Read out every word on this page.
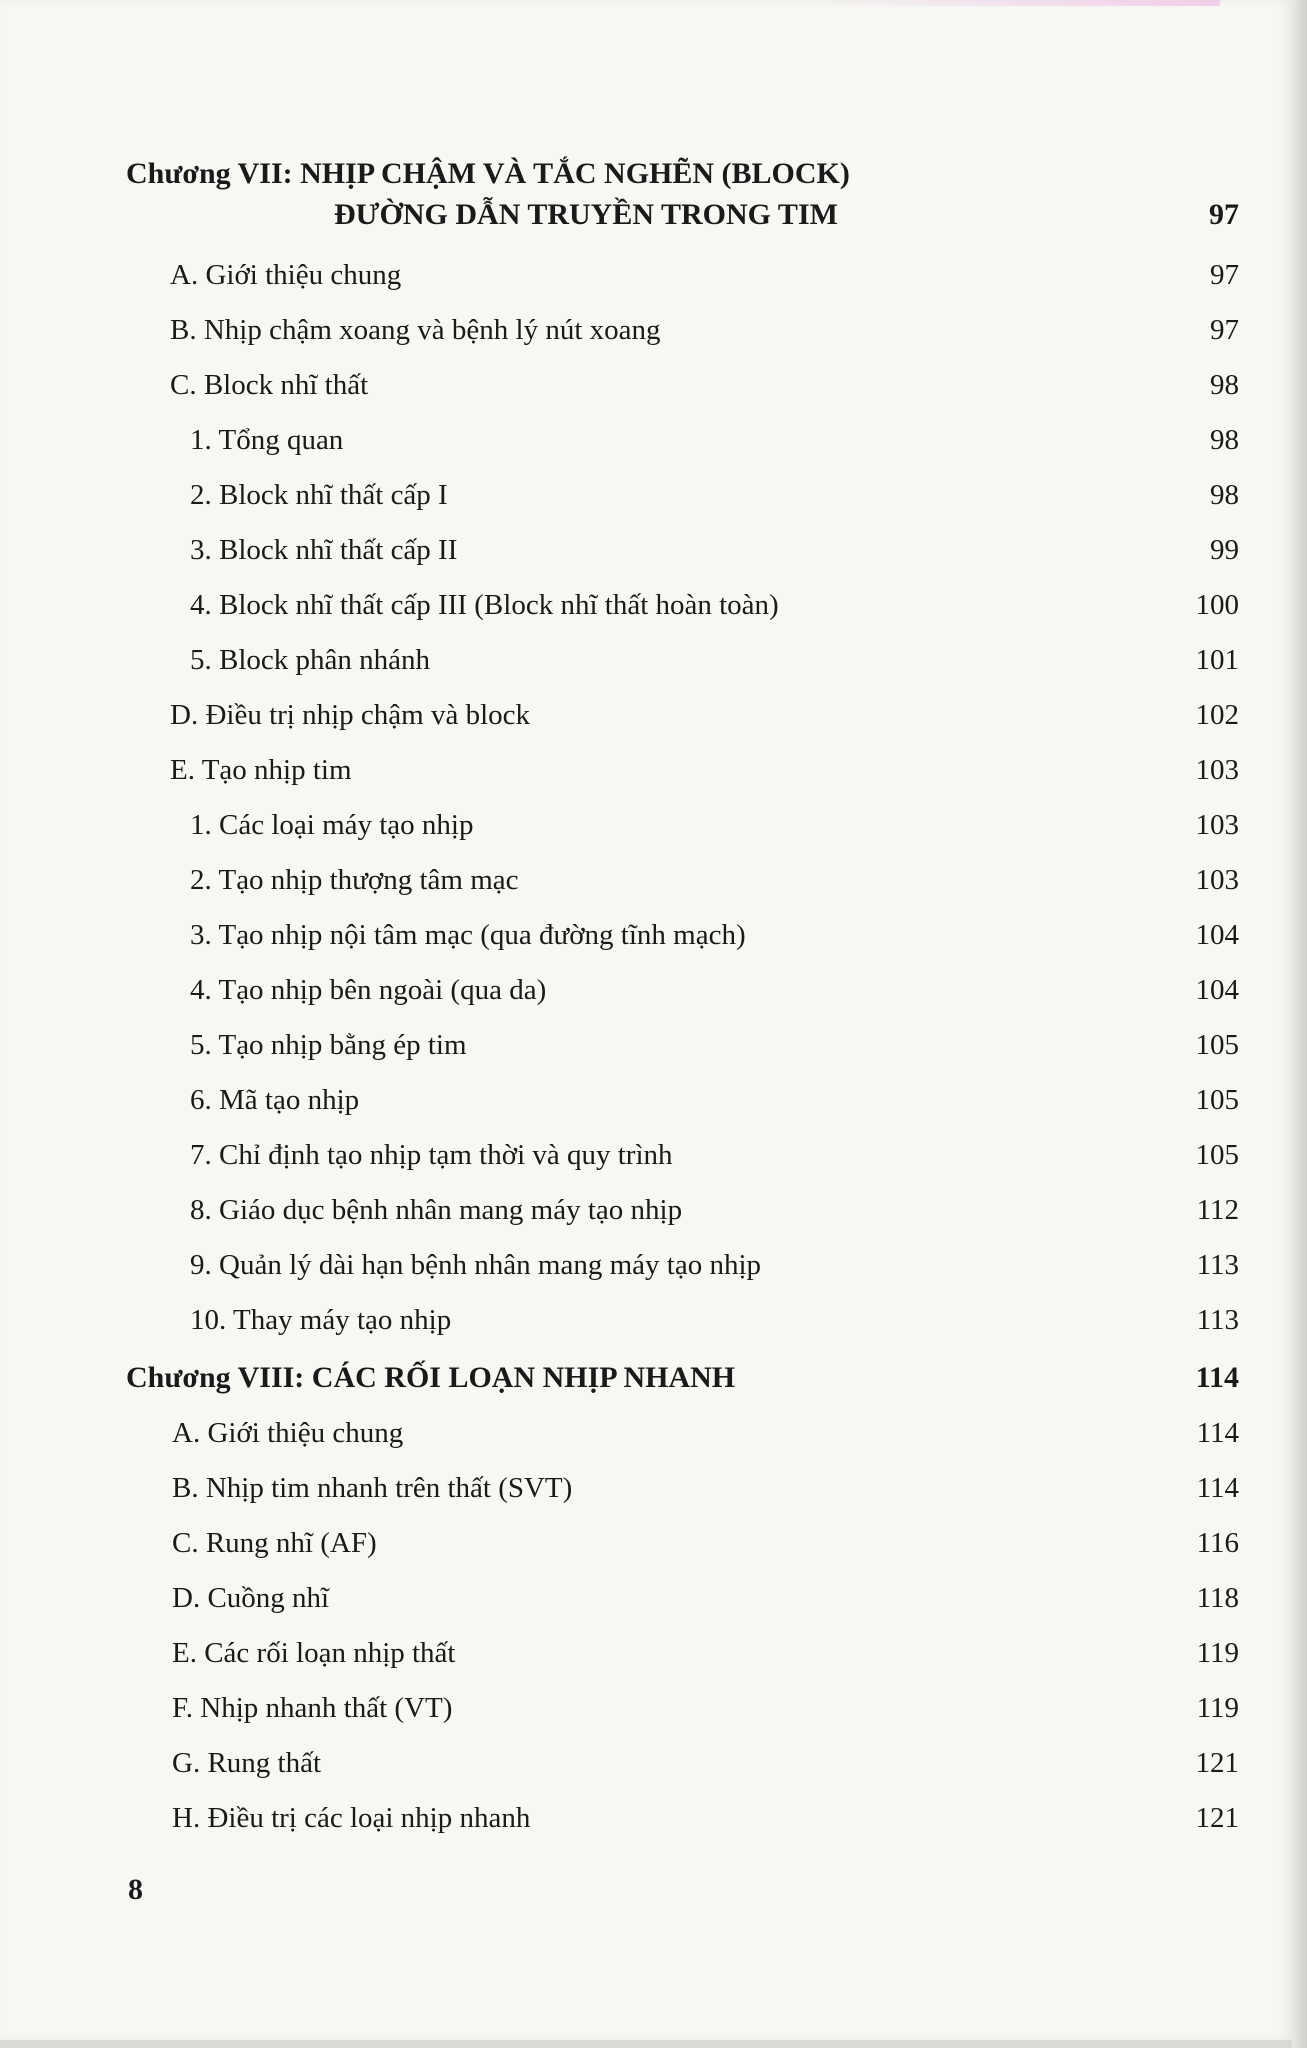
Chương VII: NHỊP CHẬM VÀ TẮC NGHẼN (BLOCK)
ĐƯỜNG DẪN TRUYỀN TRONG TIM	97
A. Giới thiệu chung	97
B. Nhịp chậm xoang và bệnh lý nút xoang	97
C. Block nhĩ thất	98
1. Tổng quan	98
2. Block nhĩ thất cấp I	98
3. Block nhĩ thất cấp II	99
4. Block nhĩ thất cấp III (Block nhĩ thất hoàn toàn)	100
5. Block phân nhánh	101
D. Điều trị nhịp chậm và block	102
E. Tạo nhịp tim	103
1. Các loại máy tạo nhịp	103
2. Tạo nhịp thượng tâm mạc	103
3. Tạo nhịp nội tâm mạc (qua đường tĩnh mạch)	104
4. Tạo nhịp bên ngoài (qua da)	104
5. Tạo nhịp bằng ép tim	105
6. Mã tạo nhịp	105
7. Chỉ định tạo nhịp tạm thời và quy trình	105
8. Giáo dục bệnh nhân mang máy tạo nhịp	112
9. Quản lý dài hạn bệnh nhân mang máy tạo nhịp	113
10. Thay máy tạo nhịp	113
Chương VIII: CÁC RỐI LOẠN NHỊP NHANH	114
A. Giới thiệu chung	114
B. Nhịp tim nhanh trên thất (SVT)	114
C. Rung nhĩ (AF)	116
D. Cuồng nhĩ	118
E. Các rối loạn nhịp thất	119
F. Nhịp nhanh thất (VT)	119
G. Rung thất	121
H. Điều trị các loại nhịp nhanh	121
8
